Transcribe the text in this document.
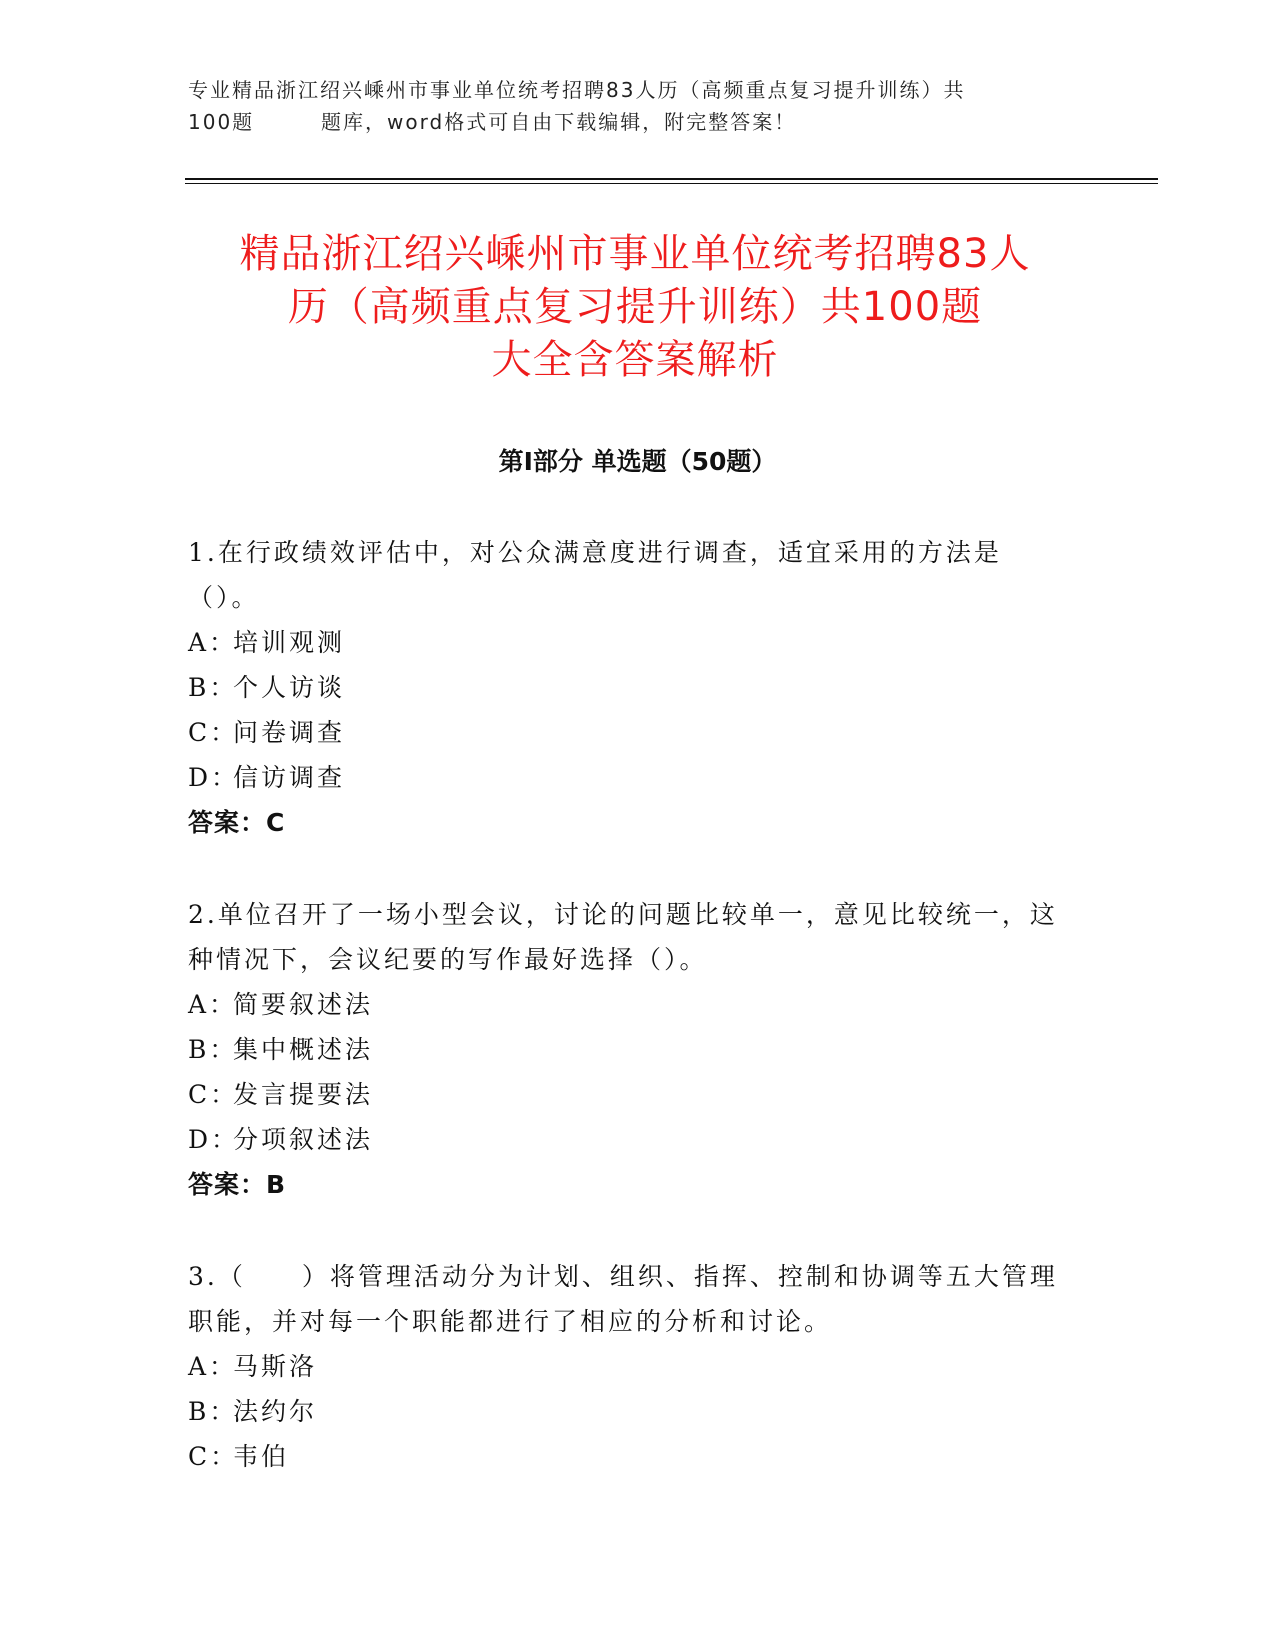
专业精品浙江绍兴嵊州市事业单位统考招聘83人历（高频重点复习提升训练）共
100题        题库，word格式可自由下载编辑，附完整答案！
精品浙江绍兴嵊州市事业单位统考招聘83人
历（高频重点复习提升训练）共100题
大全含答案解析
第Ⅰ部分 单选题（50题）
1.在行政绩效评估中，对公众满意度进行调查，适宜采用的方法是（）。
A：
培训观测
B：
个人访谈
C：
问卷调查
D：
信访调查
答案：C
2.单位召开了一场小型会议，讨论的问题比较单一，意见比较统一，这种情况下，会议纪要的写作最好选择（）。
A：
简要叙述法
B：
集中概述法
C：
发言提要法
D：
分项叙述法
答案：B
3.（　　）将管理活动分为计划、组织、指挥、控制和协调等五大管理职能，并对每一个职能都进行了相应的分析和讨论。
A：
马斯洛
B：
法约尔
C：
韦伯
